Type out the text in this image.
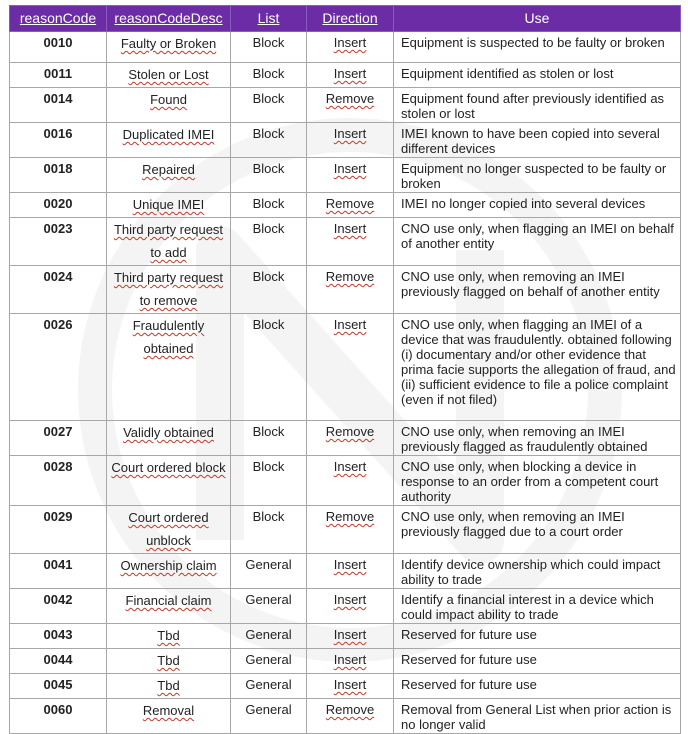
reasonCode	reasonCodeDesc	List	Direction	Use
0010	Faulty or Broken	Block	Insert	Equipment is suspected to be faulty or broken
0011	Stolen or Lost	Block	Insert	Equipment identified as stolen or lost
0014	Found	Block	Remove	Equipment found after previously identified as stolen or lost
0016	Duplicated IMEI	Block	Insert	IMEI known to have been copied into several different devices
0018	Repaired	Block	Insert	Equipment no longer suspected to be faulty or broken
0020	Unique IMEI	Block	Remove	IMEI no longer copied into several devices
0023	Third party request to add	Block	Insert	CNO use only, when flagging an IMEI on behalf of another entity
0024	Third party request to remove	Block	Remove	CNO use only, when removing an IMEI previously flagged on behalf of another entity
0026	Fraudulently obtained	Block	Insert	CNO use only, when flagging an IMEI of a device that was fraudulently. obtained following (i) documentary and/or other evidence that prima facie supports the allegation of fraud, and (ii) sufficient evidence to file a police complaint (even if not filed)
0027	Validly obtained	Block	Remove	CNO use only, when removing an IMEI previously flagged as fraudulently obtained
0028	Court ordered block	Block	Insert	CNO use only, when blocking a device in response to an order from a competent court authority
0029	Court ordered unblock	Block	Remove	CNO use only, when removing an IMEI previously flagged due to a court order
0041	Ownership claim	General	Insert	Identify device ownership which could impact ability to trade
0042	Financial claim	General	Insert	Identify a financial interest in a device which could impact ability to trade
0043	Tbd	General	Insert	Reserved for future use
0044	Tbd	General	Insert	Reserved for future use
0045	Tbd	General	Insert	Reserved for future use
0060	Removal	General	Remove	Removal from General List when prior action is no longer valid
